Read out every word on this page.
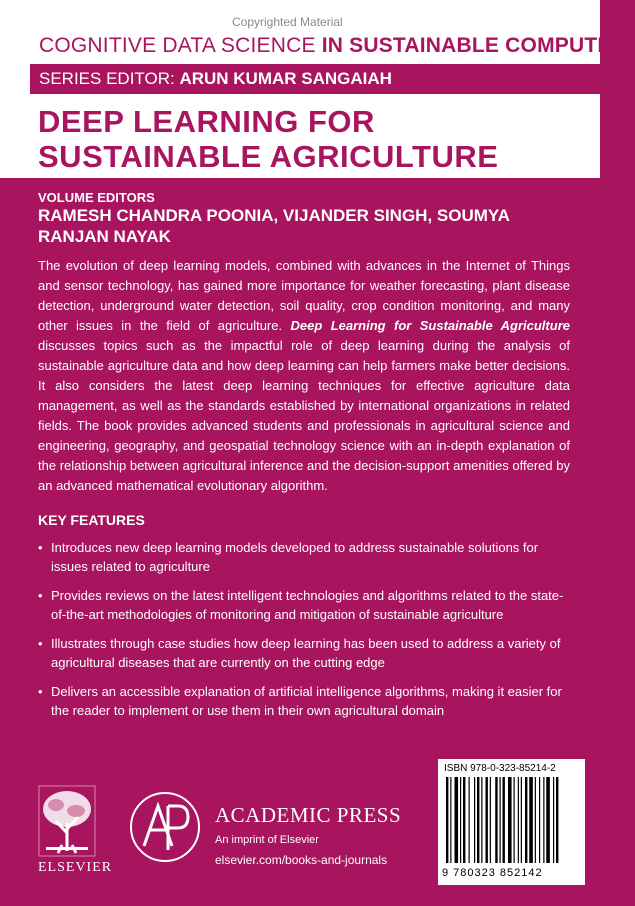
Copyrighted Material
COGNITIVE DATA SCIENCE IN SUSTAINABLE COMPUTING
SERIES EDITOR: ARUN KUMAR SANGAIAH
DEEP LEARNING FOR
SUSTAINABLE AGRICULTURE
VOLUME EDITORS
RAMESH CHANDRA POONIA, VIJANDER SINGH, SOUMYA RANJAN NAYAK
The evolution of deep learning models, combined with advances in the Internet of Things and sensor technology, has gained more importance for weather forecasting, plant disease detection, underground water detection, soil quality, crop condition monitoring, and many other issues in the field of agriculture. Deep Learning for Sustainable Agriculture discusses topics such as the impactful role of deep learning during the analysis of sustainable agriculture data and how deep learning can help farmers make better decisions. It also considers the latest deep learning techniques for effective agriculture data management, as well as the standards established by international organizations in related fields. The book provides advanced students and professionals in agricultural science and engineering, geography, and geospatial technology science with an in-depth explanation of the relationship between agricultural inference and the decision-support amenities offered by an advanced mathematical evolutionary algorithm.
KEY FEATURES
• Introduces new deep learning models developed to address sustainable solutions for issues related to agriculture
• Provides reviews on the latest intelligent technologies and algorithms related to the state-of-the-art methodologies of monitoring and mitigation of sustainable agriculture
• Illustrates through case studies how deep learning has been used to address a variety of agricultural diseases that are currently on the cutting edge
• Delivers an accessible explanation of artificial intelligence algorithms, making it easier for the reader to implement or use them in their own agricultural domain
ISBN 978-0-323-85214-2
9 780323 852142
ELSEVIER
ACADEMIC PRESS
An imprint of Elsevier
elsevier.com/books-and-journals
